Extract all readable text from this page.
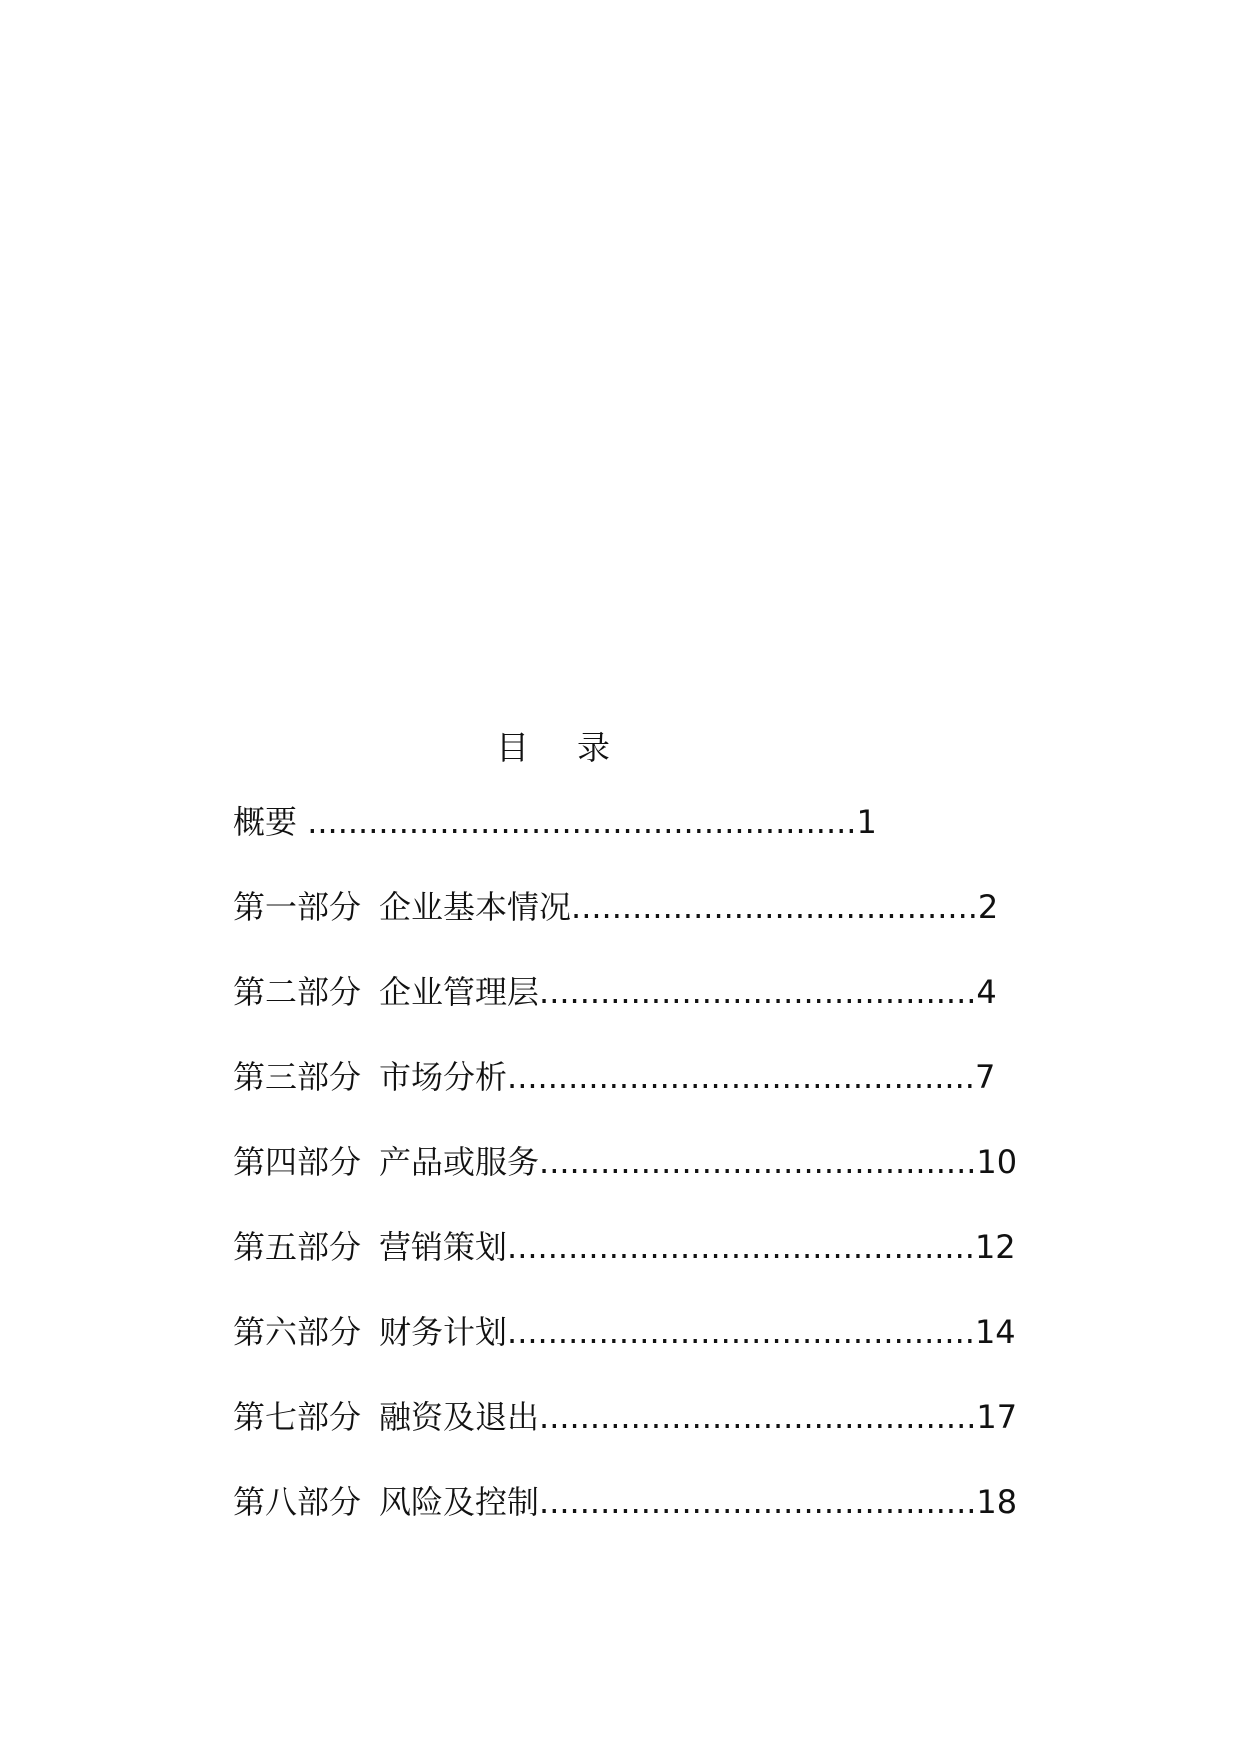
目 录
概要 ......................................................1
第一部分 企业基本情况........................................2
第二部分 企业管理层...........................................4
第三部分 市场分析..............................................7
第四部分 产品或服务...........................................10
第五部分 营销策划..............................................12
第六部分 财务计划..............................................14
第七部分 融资及退出...........................................17
第八部分 风险及控制...........................................18
